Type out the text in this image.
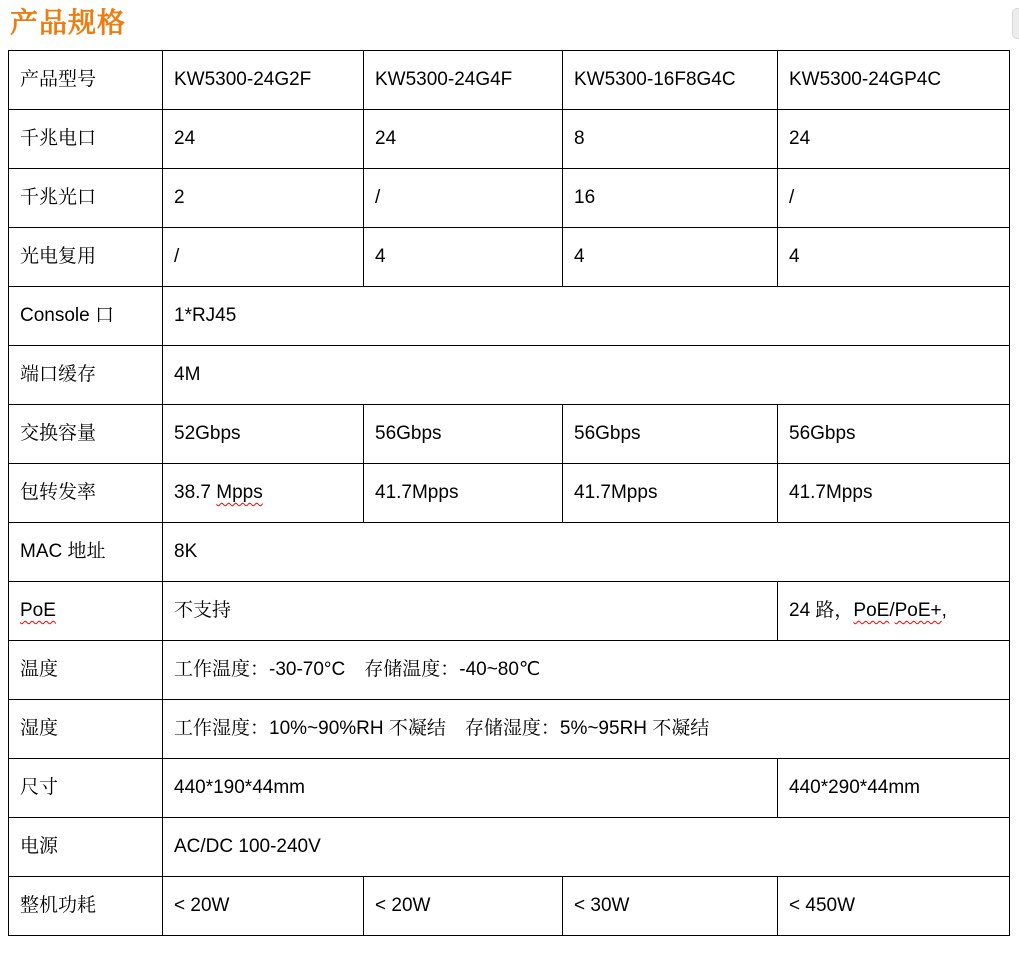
产品规格
产品型号	KW5300-24G2F	KW5300-24G4F	KW5300-16F8G4C	KW5300-24GP4C
千兆电口	24	24	8	24
千兆光口	2	/	16	/
光电复用	/	4	4	4
Console 口	1*RJ45			
端口缓存	4M			
交换容量	52Gbps	56Gbps	56Gbps	56Gbps
包转发率	38.7 Mpps	41.7Mpps	41.7Mpps	41.7Mpps
MAC 地址	8K			
PoE	不支持			24 路，PoE/PoE+,
温度	工作温度：-30-70°C　存储温度：-40~80℃			
湿度	工作湿度：10%~90%RH 不凝结　存储湿度：5%~95RH 不凝结			
尺寸	440*190*44mm			440*290*44mm
电源	AC/DC 100-240V			
整机功耗	< 20W	< 20W	< 30W	< 450W
